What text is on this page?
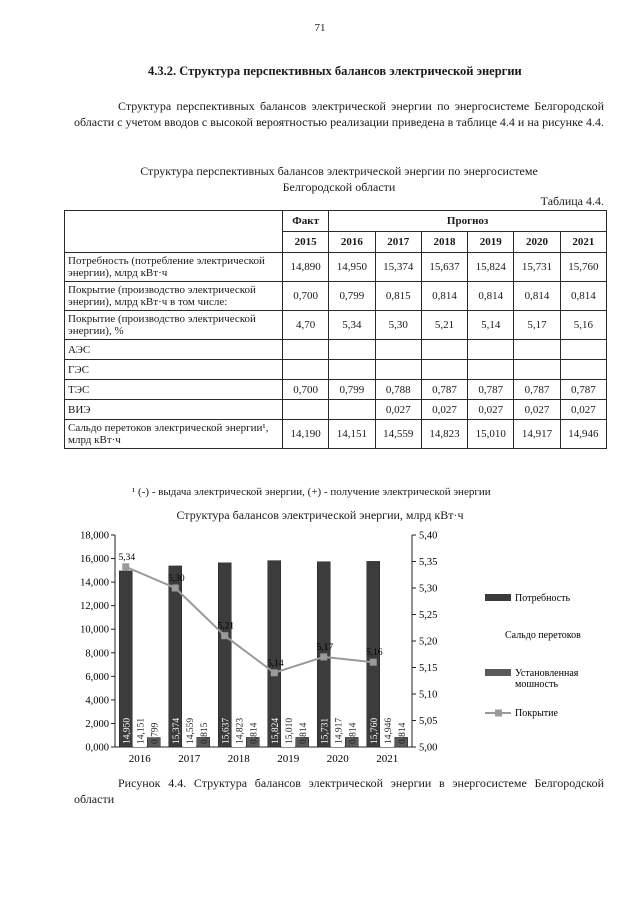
71
4.3.2. Структура перспективных балансов электрической энергии
Структура перспективных балансов электрической энергии по энергосистеме Белгородской области с учетом вводов с высокой вероятностью реализации приведена в таблице 4.4 и на рисунке 4.4.
Структура перспективных балансов электрической энергии по энергосистеме
Белгородской области
Таблица 4.4.
	Факт	Прогноз					
	2015	2016	2017	2018	2019	2020	2021
Потребность (потребление электрической энергии), млрд кВт·ч	14,890	14,950	15,374	15,637	15,824	15,731	15,760
Покрытие (производство электрической энергии), млрд кВт·ч в том числе:	0,700	0,799	0,815	0,814	0,814	0,814	0,814
Покрытие (производство электрической энергии), %	4,70	5,34	5,30	5,21	5,14	5,17	5,16
АЭС							
ГЭС							
ТЭС	0,700	0,799	0,788	0,787	0,787	0,787	0,787
ВИЭ			0,027	0,027	0,027	0,027	0,027
Сальдо перетоков электрической энергии¹, млрд кВт·ч	14,190	14,151	14,559	14,823	15,010	14,917	14,946
¹ (-) - выдача электрической энергии, (+) - получение электрической энергии
Структура балансов электрической энергии, млрд кВт·ч
0,000
2,000
4,000
6,000
8,000
10,000
12,000
14,000
16,000
18,000
5,00
5,05
5,10
5,15
5,20
5,25
5,30
5,35
5,40
2016
14,950 14,151 0,799
2017
15,374 14,559 0,815
2018
15,637 14,823 0,814
2019
15,824 15,010 0,814
2020
15,731 14,917 0,814
2021
15,760 14,946 0,814
5,34
5,30
5,21
5,14
5,17
5,16
Потребность
Сальдо перетоков
Установленная
мошность
Покрытие
Рисунок 4.4. Структура балансов электрической энергии в энергосистеме Белгородской области
